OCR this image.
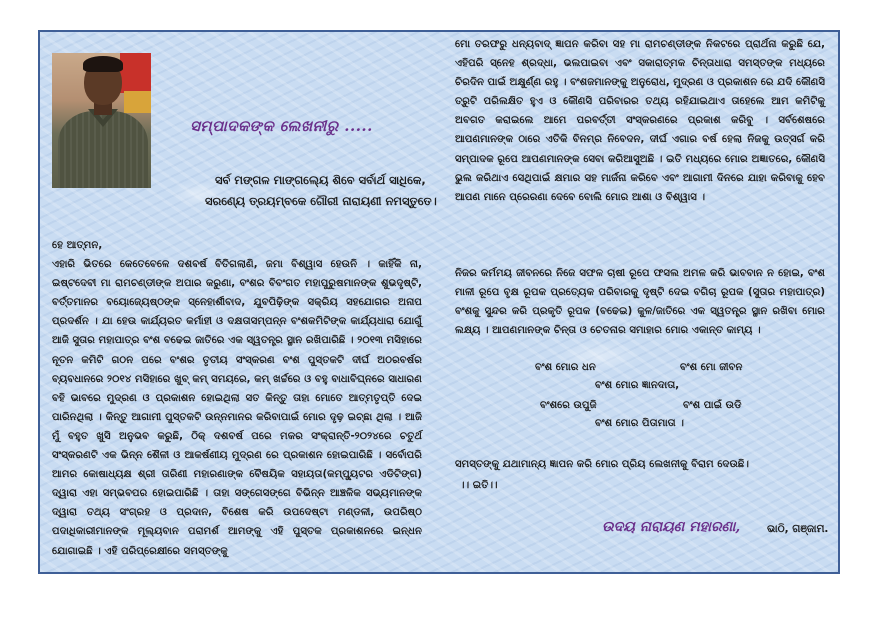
ସମ୍ପାଦକଙ୍କ ଲେଖନୀରୁ .....
ସର୍ବ ମଙ୍ଗଳ ମାଙ୍ଗଲ୍ୟେ ଶିବେ ସର୍ବାର୍ଥ ସାଧିକେ,
ସରଣ୍ୟେ ତ୍ରୟମ୍ବକେ ଗୌରୀ ନାରାୟଣୀ ନମସ୍ତୁତେ।
ହେ ଆତ୍ମନ,
ଏହାରି ଭିତରେ କେତେବେଳେ ଦଶବର୍ଷ ବିତିଗଲାଣି, ଜମା ବିଶ୍ୱାସ ହେଉନି । କାହିଁକି ନା, ଇଷ୍ଟଦେବୀ ମା ରାମଚଣ୍ଡୀଙ୍କ ଅପାର କରୁଣା, ବଂଶର ବିବଂଗତ ମହାପୁରୁଷମାନଙ୍କ ଶୁଭଦୃଷ୍ଟି, ବର୍ତ୍ତମାନର ବୟୋଜ୍ୟେଷ୍ଠଙ୍କ ସ୍ନେହାର୍ଶୀବାଦ, ଯୁବପିଢ଼ିଙ୍କ ସକ୍ରିୟ ସହଯୋଗର ଅନାପ ପ୍ରଦର୍ଶନ । ଯା ହେଉ କାର୍ଯ୍ୟରତ କର୍ମାହୀ ଓ ଦକ୍ଷତାସମ୍ପନ୍ନ ବଂଶକମିଟିଙ୍କ କାର୍ଯ୍ୟଧାରା ଯୋଗୁଁ ଆଜି ସୁତାର ମହାପାତ୍ର ବଂଶ ବଢେଇ ଜାତିରେ ଏକ ସ୍ୱତନ୍ତ୍ର ସ୍ଥାନ ରଖିପାରିଛି । ୨୦୧୩ ମସିହାରେ ନୂତନ କମିଟି ଗଠନ ପରେ ବଂଶର ତୃତୀୟ ସଂସ୍କରଣ ବଂଶ ପୁସ୍ତକଟି ଦୀର୍ଘ ଅଠରବର୍ଷର ବ୍ୟବଧାନରେ ୨୦୧୪ ମସିହାରେ ଖୁବ୍ କମ୍ ସମୟରେ, କମ୍ ଖର୍ଚ୍ଚରେ ଓ ବହୁ ବାଧାବିଘ୍ନରେ ସାଧାରଣ ବହି ଭାବରେ ମୁଦ୍ରଣ ଓ ପ୍ରକାଶନ ହୋଇଥିଲା ସତ କିନ୍ତୁ ତାହା ମୋତେ ଆତ୍ମତୃପ୍ତି ଦେଇ ପାରିନଥିଲା । କିନ୍ତୁ ଆଗାମୀ ପୁସ୍ତକଟି ଉନ୍ନମାନର କରିବାପାଇଁ ମୋର ଦୃଢ଼ ଇଚ୍ଛା ଥିଲା । ଆଜି ମୁଁ ବହୁତ ଖୁସି ଅନୁଭବ କରୁଛି, ଠିକ୍ ଦଶବର୍ଷ ପରେ ମକର ସଂକ୍ରାନ୍ତି-୨୦୨୪ରେ ଚତୁର୍ଥ ସଂସ୍କରଣଟି ଏକ ଭିନ୍ନ ଶୈଳୀ ଓ ଆକର୍ଷଣୀୟ ମୁଦ୍ରଣ ରେ ପ୍ରକାଶନ ହୋଇପାରିଛି । ସର୍ବୋପରି ଆମର କୋଷାଧ୍ୟକ୍ଷ ଶ୍ରୀ ତାରିଣୀ ମହାରଣାଙ୍କ ବୈଷୟିକ ସହାୟତା(କମ୍ପ୍ୟୁଟର ଏଡିଟିଙ୍ଗ) ଦ୍ୱାରା ଏହା ସମ୍ଭବପର ହୋଇପାରିଛି । ତାହା ସଙ୍ଗେସଙ୍ଗେ ବିଭିନ୍ନ ଆଞ୍ଚଳିକ ସଭ୍ୟମାନଙ୍କ ଦ୍ୱାରା ତଥ୍ୟ ସଂଗ୍ରହ ଓ ପ୍ରଦାନ, ବିଶେଷ କରି ଉପଦେଷ୍ଟା ମଣ୍ଡଳୀ, ଉପରିଷ୍ଠ ପଦାଧିକାରୀମାନଙ୍କ ମୂଲ୍ୟବାନ ପରାମର୍ଶ ଆମଙ୍କୁ ଏହି ପୁସ୍ତକ ପ୍ରକାଶନରେ ଇନ୍ଧନ ଯୋଗାଇଛି । ଏହି ପରିପ୍ରେକ୍ଷୀରେ ସମସ୍ତଙ୍କୁ
ମୋ ତରଫରୁ ଧନ୍ୟବାଦ୍ ଜ୍ଞାପନ କରିବା ସହ ମା ରାମଚଣ୍ଡୀଙ୍କ ନିକଟରେ ପ୍ରାର୍ଥନା କରୁଛି ଯେ, ଏହିପରି ସ୍ନେହ ଶ୍ରଦ୍ଧା, ଭଲପାଇବା ଏବଂ ସକାରାତ୍ମକ ଚିନ୍ତାଧାରା ସମସ୍ତଙ୍କ ମଧ୍ୟରେ ଚିରଦିନ ପାଇଁ ଅକ୍ଷୁର୍ଣ୍ଣ ରହୁ । ବଂଶଜମାନଙ୍କୁ ଅନୁରୋଧ, ମୁଦ୍ରଣ ଓ ପ୍ରକାଶନ ରେ ଯଦି କୌଣସି ତ୍ରୁଟି ପରିଲକ୍ଷିତ ହୁଏ ଓ କୌଣସି ପରିବାରର ତଥ୍ୟ ରହିଯାଇଥାଏ ତାହେଲେ ଆମ କମିଟିକୁ ଅବଗତ କରାଇଲେ ଆମେ ପରବର୍ତ୍ତୀ ସଂସ୍କରଣରେ ପ୍ରକାଶ କରିବୁ । ସର୍ବଶେଷରେ ଆପଣମାନଙ୍କ ଠାରେ ଏତିକି ବିନମ୍ର ନିବେଦନ, ଦୀର୍ଘ ଏଗାର ବର୍ଷ ହେଲା ନିଜକୁ ଉତ୍ସର୍ଗ କରି ସମ୍ପାଦକ ରୂପେ ଆପଣମାନଙ୍କ ସେବା କରିଆସୁଅଛି । ଇତି ମଧ୍ୟରେ ମୋର ଅଜ୍ଞାତରେ, କୌଣସି ଭୁଲ କରିଥାଏ ସେଥିପାଇଁ କ୍ଷମାର ସହ ମାର୍ଜନା କରିବେ ଏବଂ ଆଗାମୀ ଦିନରେ ଯାହା କରିବାକୁ ହେବ ଆପଣ ମାନେ ପ୍ରେରଣା ଦେବେ ବୋଲି ମୋର ଆଶା ଓ ବିଶ୍ୱାସ ।
ନିଜର କର୍ମମୟ ଜୀବନରେ ନିଜେ ସଫଳ ଚାଷୀ ରୂପେ ଫସଲ ଅମଳ କରି ଭାବବାନ ନ ହୋଇ, ବଂଶ ମାଳୀ ରୂପେ ବୃକ୍ଷ ରୂପକ ପ୍ରତ୍ୟେକ ପରିବାରକୁ ଦୃଷ୍ଟି ଦେଇ ବଗିଚା ରୂପକ (ସୁତାର ମହାପାତ୍ର) ବଂଶକୁ ସୁନ୍ଦର କରି ପ୍ରକୃତି ରୂପକ (ବଢେଇ) କୁଳ/ଜାତିରେ ଏକ ସ୍ୱତନ୍ତ୍ର ସ୍ଥାନ ରଖିବା ମୋର ଲକ୍ଷ୍ୟ । ଆପଣମାନଙ୍କ ଚିନ୍ତା ଓ ଚେତନାର ସମାହାର ମୋର ଏକାନ୍ତ କାମ୍ୟ ।
ବଂଶ ମୋର ଧନ	ବଂଶ ମୋ ଜୀବନ
ବଂଶ ମୋର ଜ୍ଞାନଦାତା,
ବଂଶରେ ଉପୁଜି	ବଂଶ ପାଇଁ ଉଡି
ବଂଶ ମୋର ପିତାମାତା ।
ସମସ୍ତଙ୍କୁ ଯଥାମାନ୍ୟ ଜ୍ଞାପନ କରି ମୋର ପ୍ରିୟ ଲେଖନୀକୁ ବିରାମ ଦେଉଛି।
।। ଇତି।।
ଉଦୟ ନାରାୟଣ ମହାରଣା,	ଭାଠି, ଗଞ୍ଜାମ.
